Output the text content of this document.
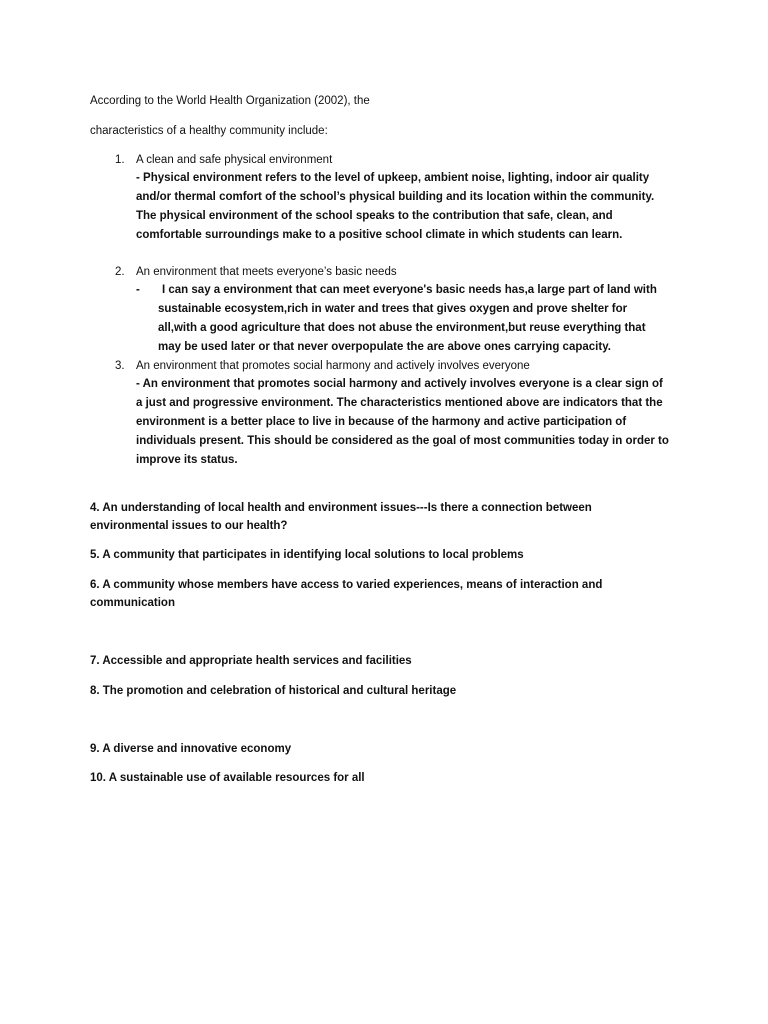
According to the World Health Organization (2002), the
characteristics of a healthy community include:
1. A clean and safe physical environment
- Physical environment refers to the level of upkeep, ambient noise, lighting, indoor air quality
and/or thermal comfort of the school’s physical building and its location within the community.
The physical environment of the school speaks to the contribution that safe, clean, and
comfortable surroundings make to a positive school climate in which students can learn.
2. An environment that meets everyone’s basic needs
- I can say a environment that can meet everyone's basic needs has,a large part of land with
sustainable ecosystem,rich in water and trees that gives oxygen and prove shelter for
all,with a good agriculture that does not abuse the environment,but reuse everything that
may be used later or that never overpopulate the are above ones carrying capacity.
3. An environment that promotes social harmony and actively involves everyone
- An environment that promotes social harmony and actively involves everyone is a clear sign of
a just and progressive environment. The characteristics mentioned above are indicators that the
environment is a better place to live in because of the harmony and active participation of
individuals present. This should be considered as the goal of most communities today in order to
improve its status.
4. An understanding of local health and environment issues---Is there a connection between
environmental issues to our health?
5. A community that participates in identifying local solutions to local problems
6. A community whose members have access to varied experiences, means of interaction and
communication
7. Accessible and appropriate health services and facilities
8. The promotion and celebration of historical and cultural heritage
9. A diverse and innovative economy
10. A sustainable use of available resources for all
